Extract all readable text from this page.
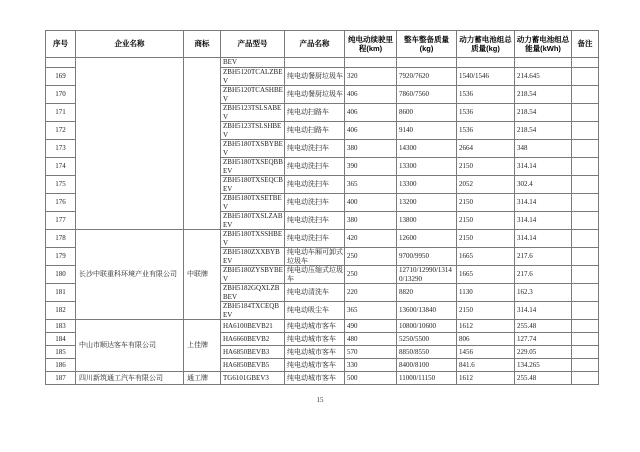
序号	企业名称	商标	产品型号	产品名称	纯电动续驶里程(km)	整车整备质量(kg)	动力蓄电池组总质量(kg)	动力蓄电池组总能量(kWh)	备注
			BEV						
169			ZBH5120TCALZBEV	纯电动餐厨垃圾车	320	7920/7620	1540/1546	214.645	
170			ZBH5120TCASHBEV	纯电动餐厨垃圾车	406	7860/7560	1536	218.54	
171			ZBH5123TSLSABEV	纯电动扫路车	406	8600	1536	218.54	
172			ZBH5123TSLSHBEV	纯电动扫路车	406	9140	1536	218.54	
173			ZBH5180TXSBYBEV	纯电动洗扫车	380	14300	2664	348	
174			ZBH5180TXSEQBBEV	纯电动洗扫车	390	13300	2150	314.14	
175			ZBH5180TXSEQCBEV	纯电动洗扫车	365	13300	2052	302.4	
176			ZBH5180TXSETBEV	纯电动洗扫车	400	13200	2150	314.14	
177			ZBH5180TXSLZABEV	纯电动洗扫车	380	13800	2150	314.14	
178	长沙中联重科环境产业有限公司	中联牌	ZBH5180TXSSHBEV	纯电动洗扫车	420	12600	2150	314.14	
179			ZBH5180ZXXBYBEV	纯电动车厢可卸式垃圾车	250	9700/9950	1665	217.6	
180			ZBH5180ZYSBYBEV	纯电动压缩式垃圾车	250	12710/12990/13140/13290	1665	217.6	
181			ZBH5182GQXLZBBEV	纯电动清洗车	220	8820	1130	162.3	
182			ZBH5184TXCEQBEV	纯电动吸尘车	365	13600/13840	2150	314.14	
183	中山市顺达客车有限公司	上佳牌	HA6100BEVB21	纯电动城市客车	490	10800/10600	1612	255.48	
184			HA6660BEVB2	纯电动城市客车	480	5250/5500	806	127.74	
185			HA6850BEVB3	纯电动城市客车	570	8850/8550	1456	229.05	
186			HA6850BEVB5	纯电动城市客车	330	8400/8100	841.6	134.265	
187	四川新筑通工汽车有限公司	通工牌	TG6101GBEV3	纯电动城市客车	500	11000/11150	1612	255.48	
15
